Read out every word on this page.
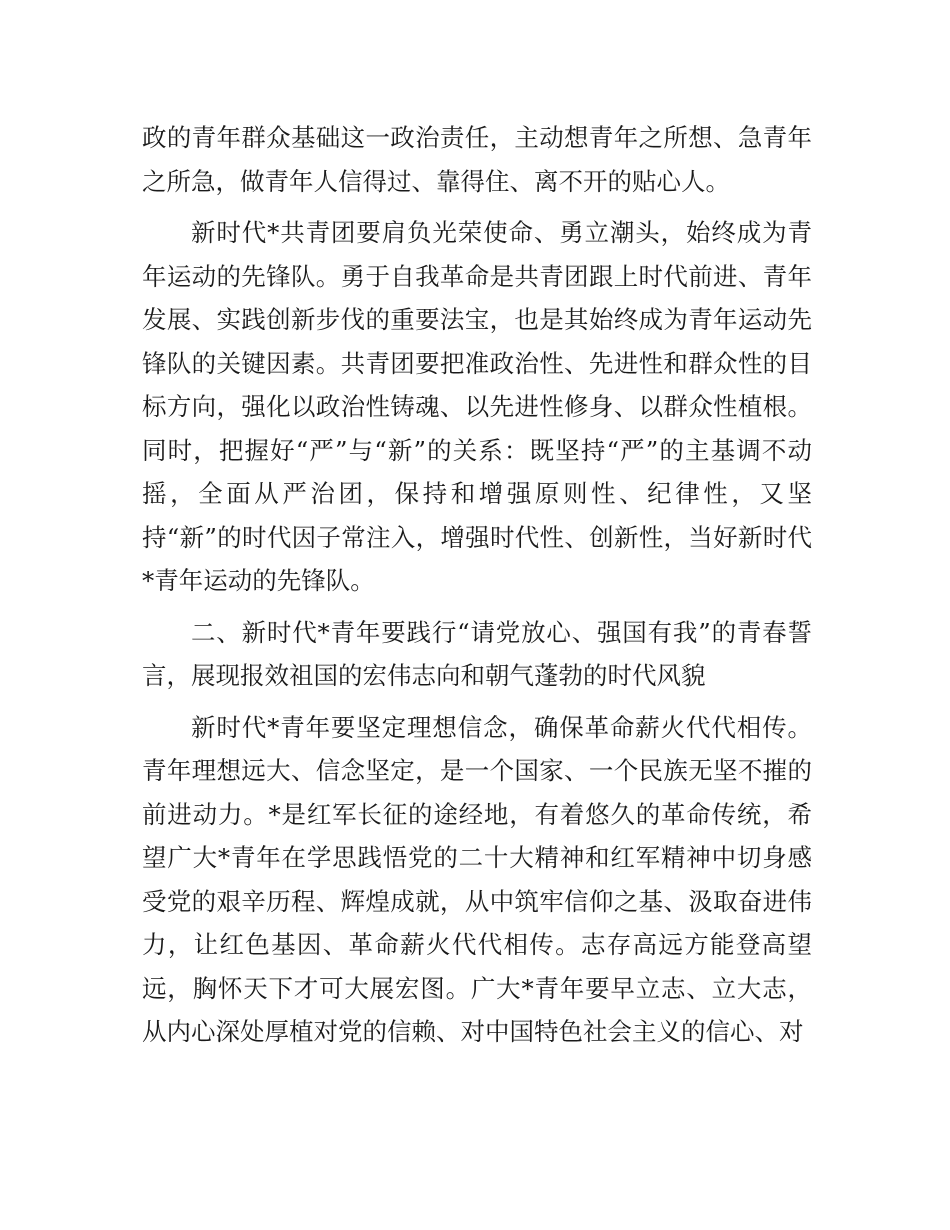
政的青年群众基础这一政治责任，主动想青年之所想、急青年之所急，做青年人信得过、靠得住、离不开的贴心人。

新时代*共青团要肩负光荣使命、勇立潮头，始终成为青年运动的先锋队。勇于自我革命是共青团跟上时代前进、青年发展、实践创新步伐的重要法宝，也是其始终成为青年运动先锋队的关键因素。共青团要把准政治性、先进性和群众性的目标方向，强化以政治性铸魂、以先进性修身、以群众性植根。同时，把握好“严”与“新”的关系：既坚持“严”的主基调不动摇，全面从严治团，保持和增强原则性、纪律性，又坚持“新”的时代因子常注入，增强时代性、创新性，当好新时代*青年运动的先锋队。

二、新时代*青年要践行“请党放心、强国有我”的青春誓言，展现报效祖国的宏伟志向和朝气蓬勃的时代风貌

新时代*青年要坚定理想信念，确保革命薪火代代相传。青年理想远大、信念坚定，是一个国家、一个民族无坚不摧的前进动力。*是红军长征的途经地，有着悠久的革命传统，希望广大*青年在学思践悟党的二十大精神和红军精神中切身感受党的艰辛历程、辉煌成就，从中筑牢信仰之基、汲取奋进伟力，让红色基因、革命薪火代代相传。志存高远方能登高望远，胸怀天下才可大展宏图。广大*青年要早立志、立大志，从内心深处厚植对党的信赖、对中国特色社会主义的信心、对
